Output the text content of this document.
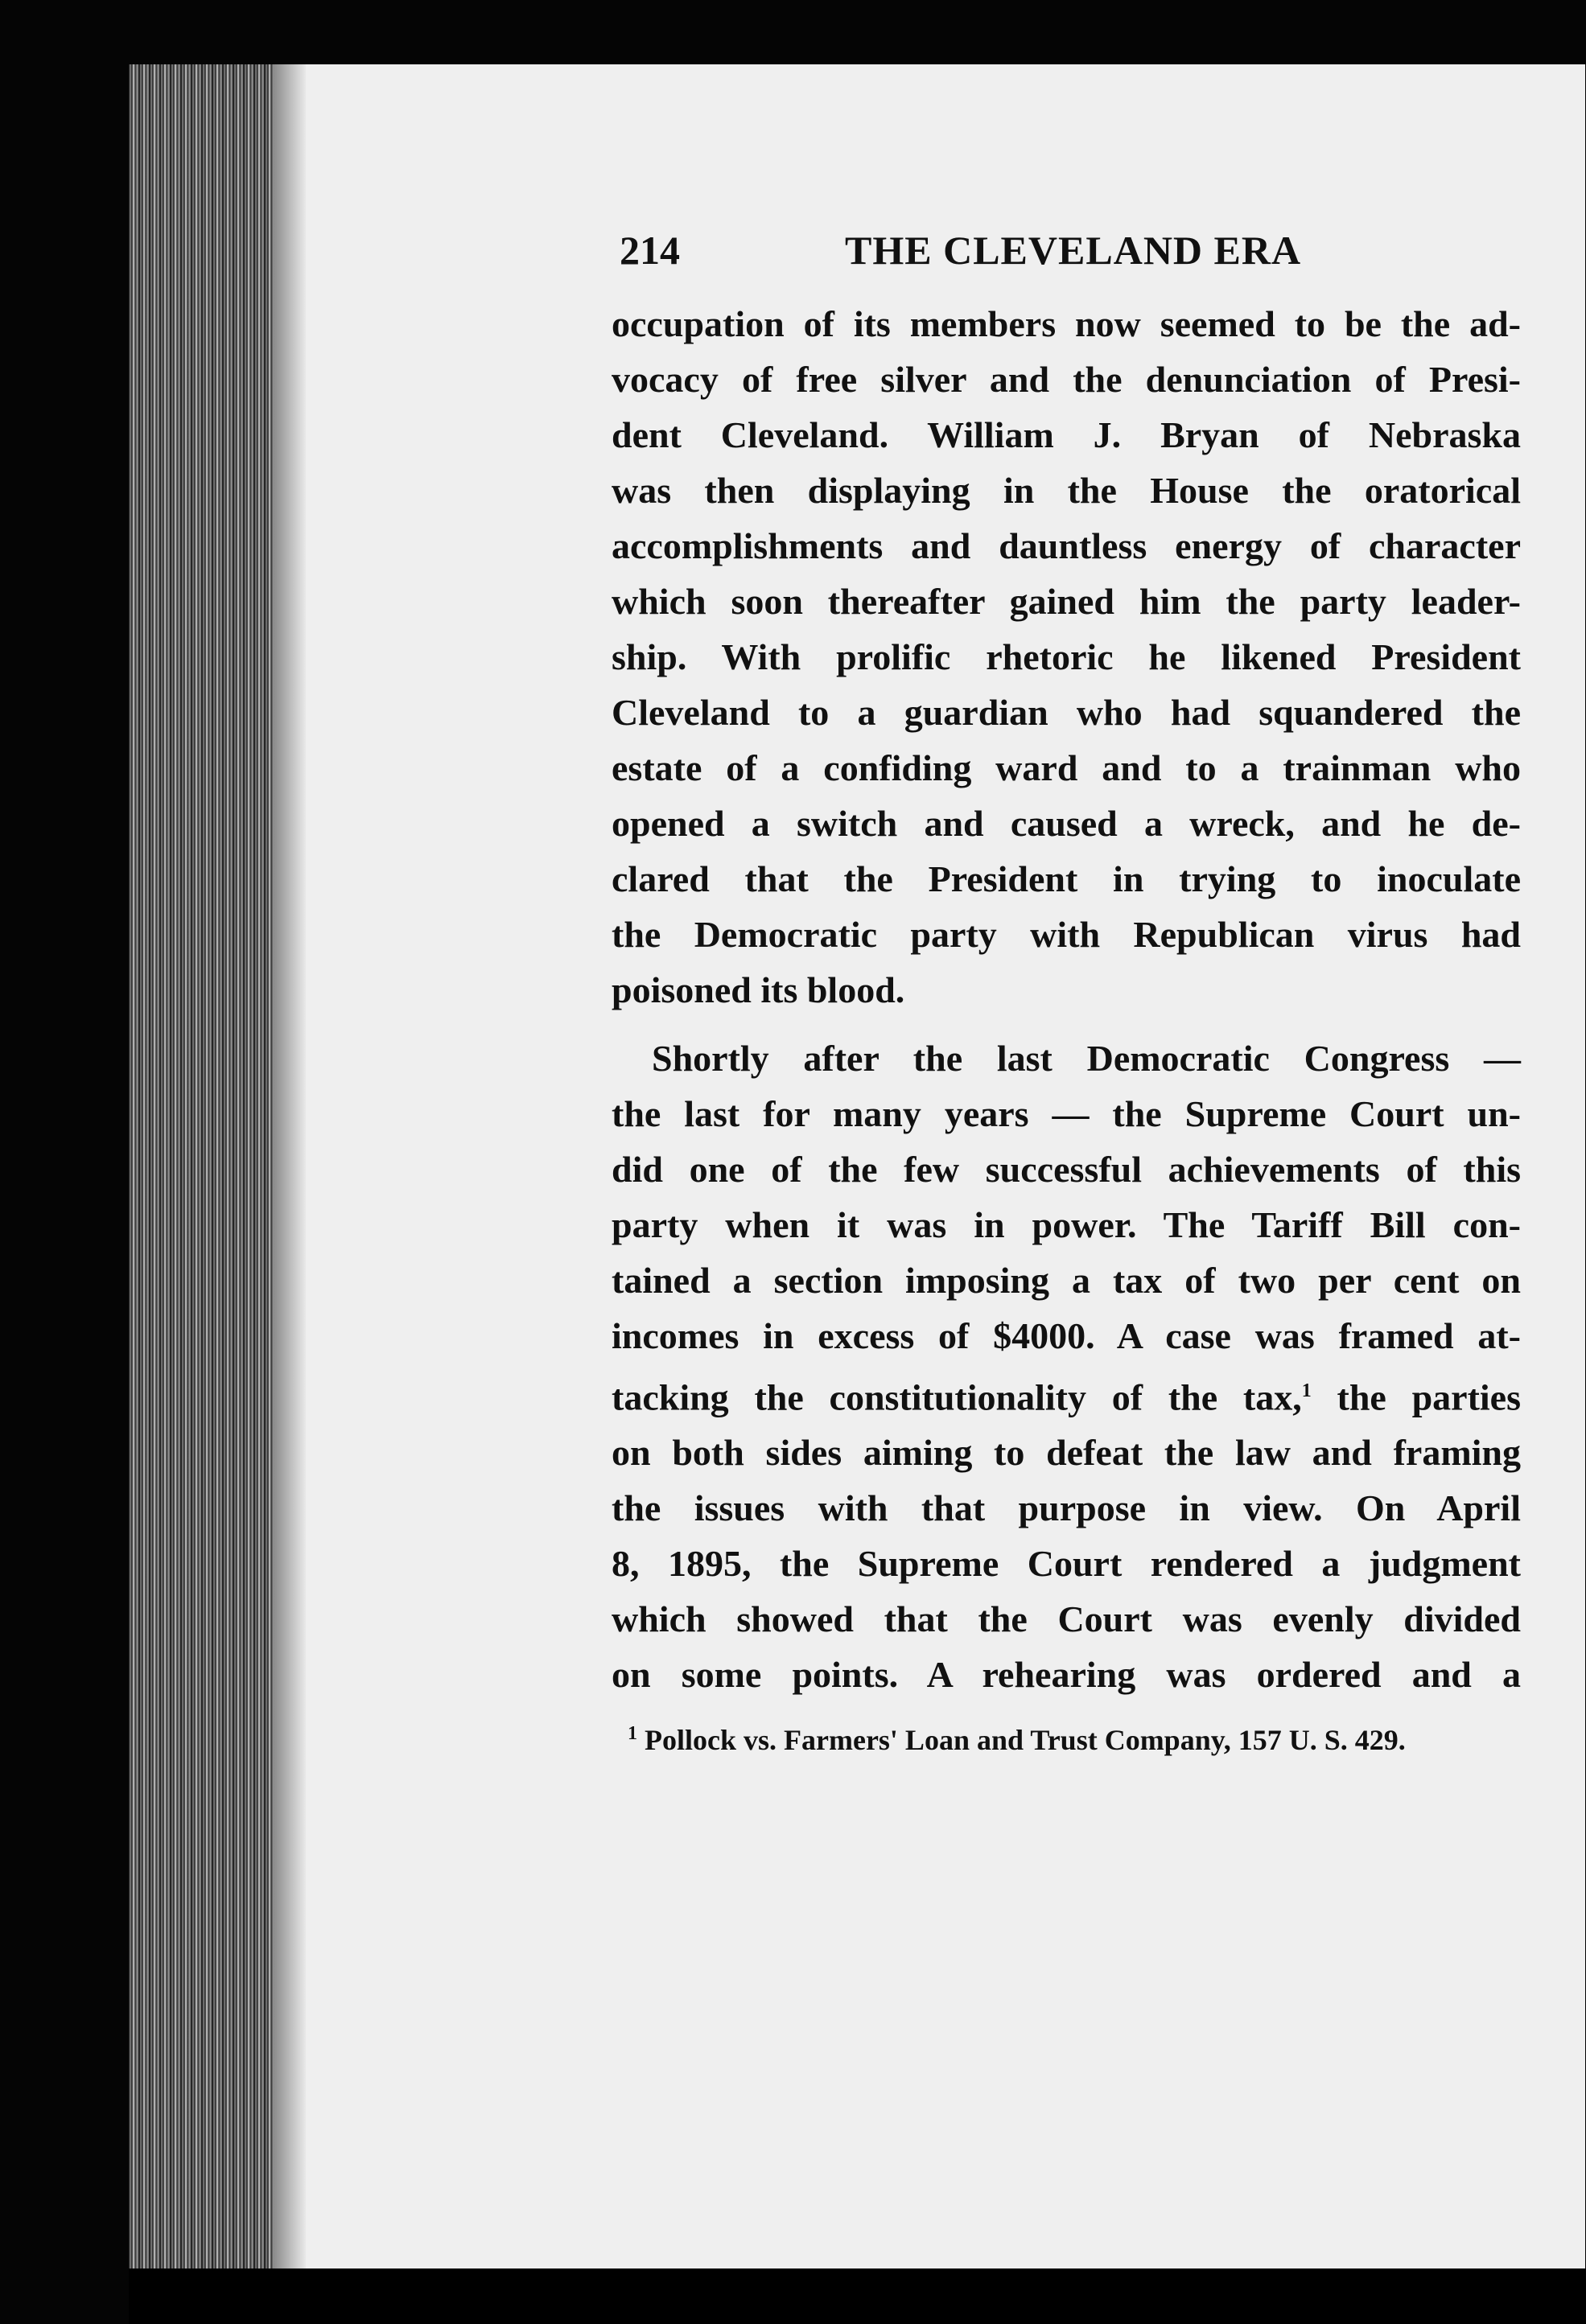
214	THE CLEVELAND ERA
occupation of its members now seemed to be the ad-
vocacy of free silver and the denunciation of Presi-
dent Cleveland. William J. Bryan of Nebraska
was then displaying in the House the oratorical
accomplishments and dauntless energy of character
which soon thereafter gained him the party leader-
ship. With prolific rhetoric he likened President
Cleveland to a guardian who had squandered the
estate of a confiding ward and to a trainman who
opened a switch and caused a wreck, and he de-
clared that the President in trying to inoculate
the Democratic party with Republican virus had
poisoned its blood.
Shortly after the last Democratic Congress —
the last for many years — the Supreme Court un-
did one of the few successful achievements of this
party when it was in power. The Tariff Bill con-
tained a section imposing a tax of two per cent on
incomes in excess of $4000. A case was framed at-
tacking the constitutionality of the tax,$^1$ the parties
on both sides aiming to defeat the law and framing
the issues with that purpose in view. On April
8, 1895, the Supreme Court rendered a judgment
which showed that the Court was evenly divided
on some points. A rehearing was ordered and a
$^1$ Pollock vs. Farmers' Loan and Trust Company, 157 U. S. 429.
